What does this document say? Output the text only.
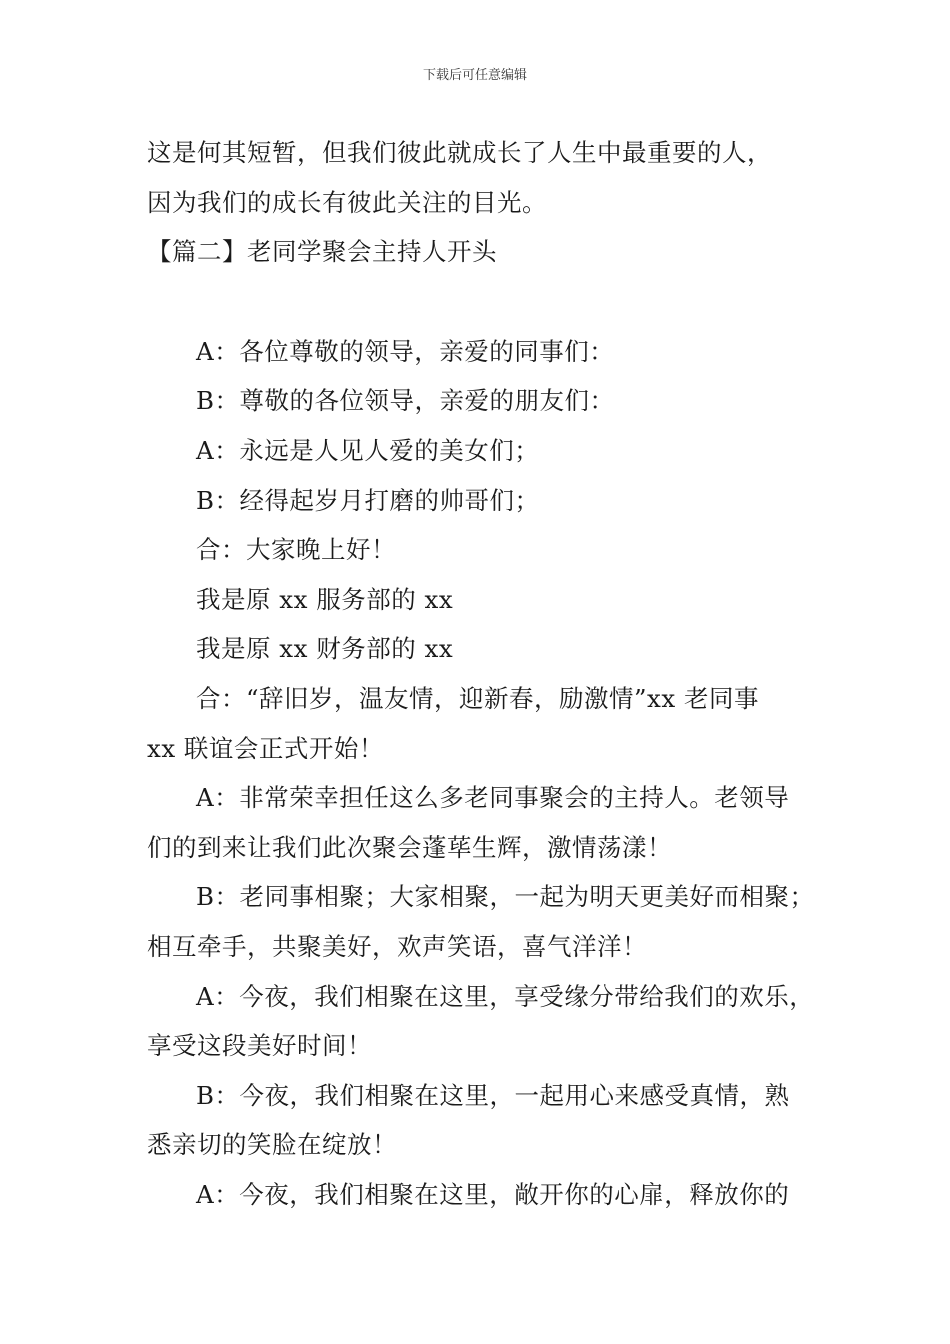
下载后可任意编辑
这是何其短暂，但我们彼此就成长了人生中最重要的人，
因为我们的成长有彼此关注的目光。
【篇二】老同学聚会主持人开头
A：各位尊敬的领导，亲爱的同事们：
B：尊敬的各位领导，亲爱的朋友们：
A：永远是人见人爱的美女们；
B：经得起岁月打磨的帅哥们；
合：大家晚上好！
我是原 xx 服务部的 xx
我是原 xx 财务部的 xx
合：“辞旧岁，温友情，迎新春，励激情”xx 老同事
xx 联谊会正式开始！
A：非常荣幸担任这么多老同事聚会的主持人。老领导
们的到来让我们此次聚会蓬荜生辉，激情荡漾！
B：老同事相聚；大家相聚，一起为明天更美好而相聚；
相互牵手，共聚美好，欢声笑语，喜气洋洋！
A：今夜，我们相聚在这里，享受缘分带给我们的欢乐，
享受这段美好时间！
B：今夜，我们相聚在这里，一起用心来感受真情，熟
悉亲切的笑脸在绽放！
A：今夜，我们相聚在这里，敞开你的心扉，释放你的
